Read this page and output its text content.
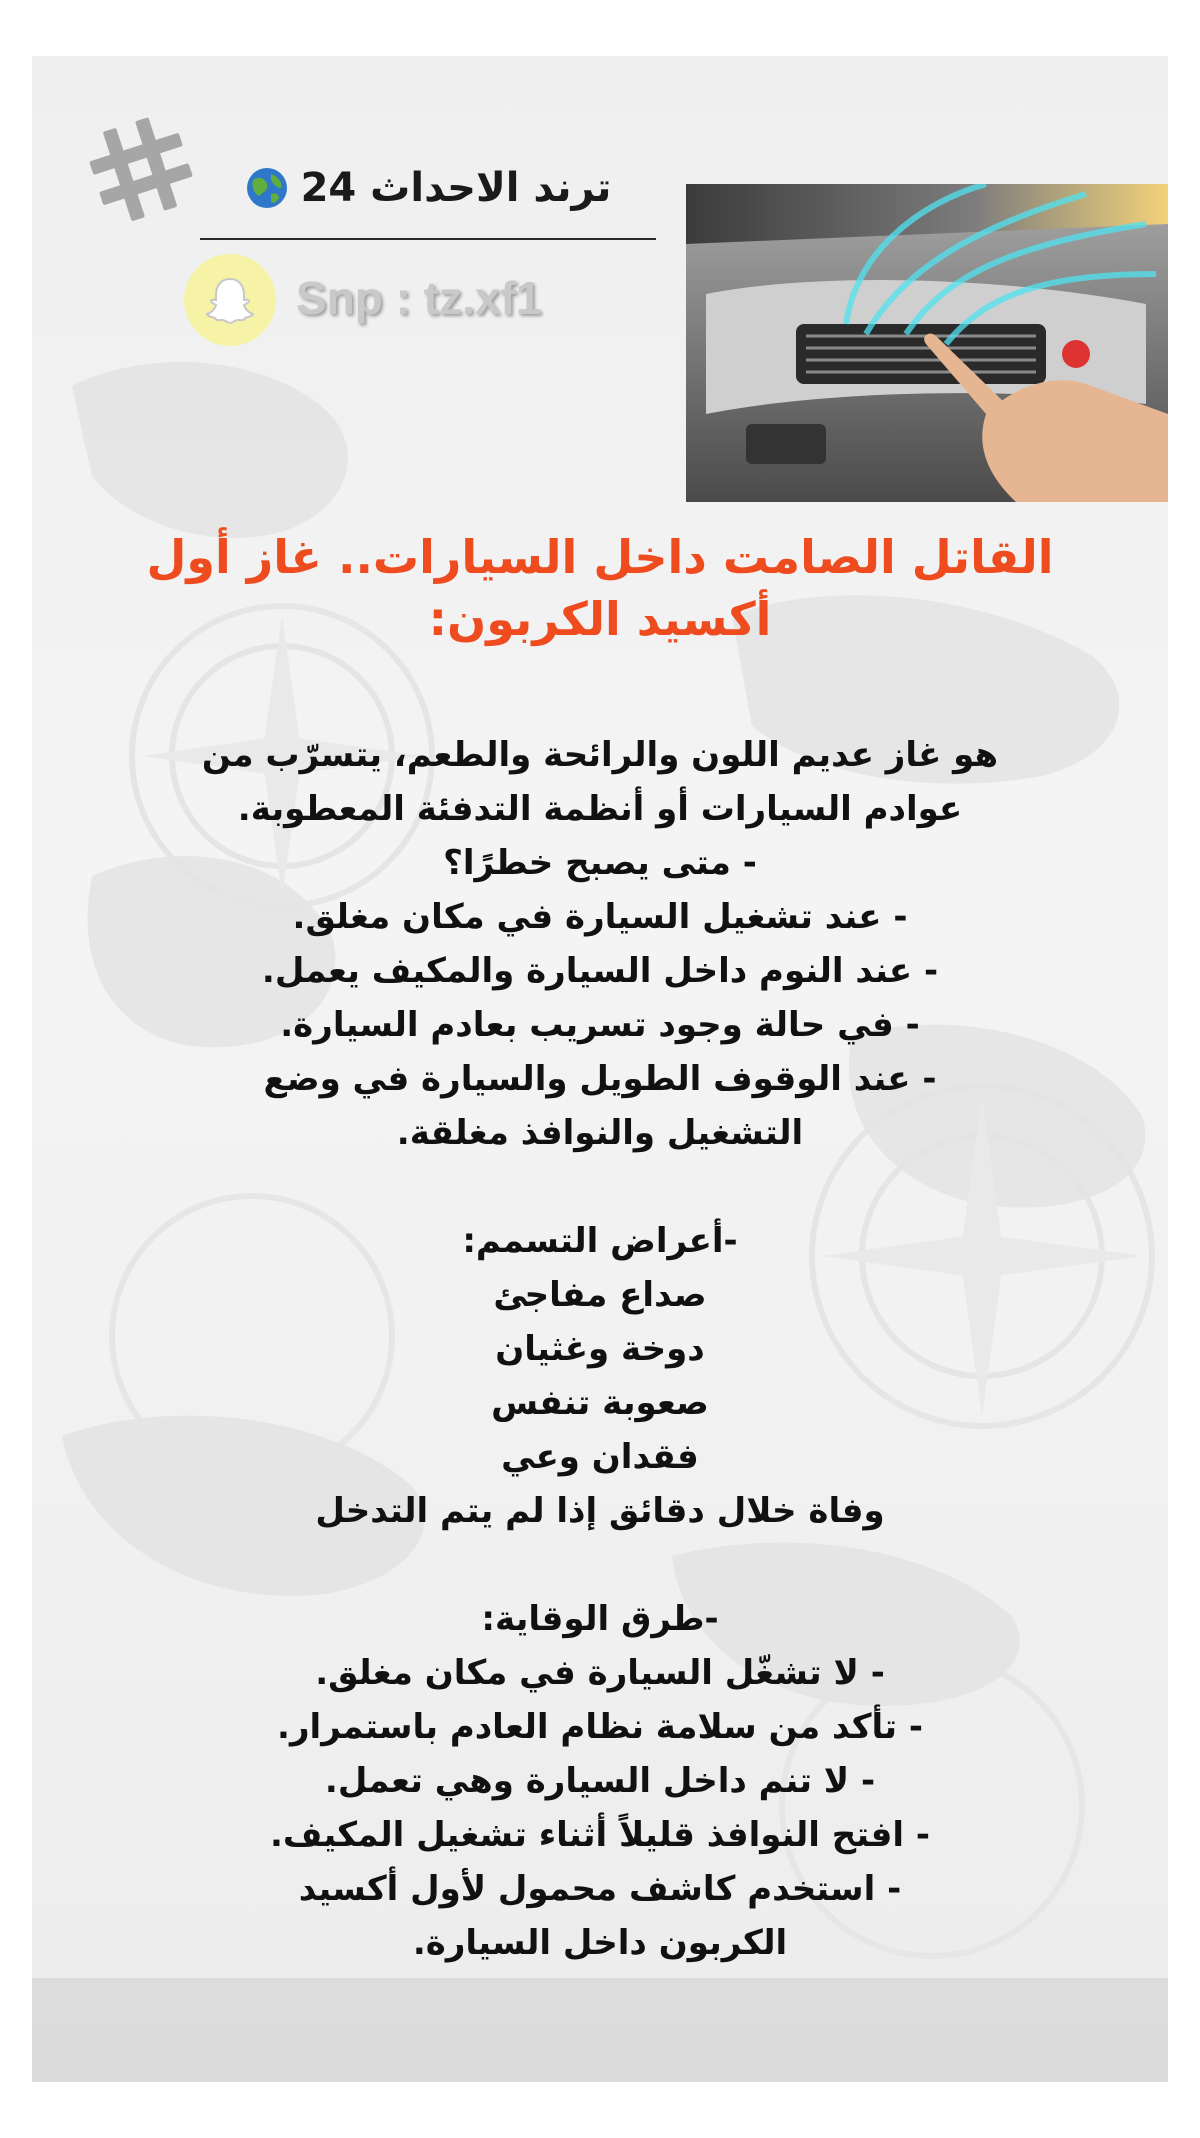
ترند الاحداث 24
Snp : tz.xf1
القاتل الصامت داخل السيارات.. غاز أول أكسيد الكربون:
هو غاز عديم اللون والرائحة والطعم، يتسرّب من
عوادم السيارات أو أنظمة التدفئة المعطوبة.
- متى يصبح خطرًا؟
- عند تشغيل السيارة في مكان مغلق.
- عند النوم داخل السيارة والمكيف يعمل.
- في حالة وجود تسريب بعادم السيارة.
- عند الوقوف الطويل والسيارة في وضع
التشغيل والنوافذ مغلقة.
-أعراض التسمم:
صداع مفاجئ
دوخة وغثيان
صعوبة تنفس
فقدان وعي
وفاة خلال دقائق إذا لم يتم التدخل
-طرق الوقاية:
- لا تشغّل السيارة في مكان مغلق.
- تأكد من سلامة نظام العادم باستمرار.
- لا تنم داخل السيارة وهي تعمل.
- افتح النوافذ قليلاً أثناء تشغيل المكيف.
- استخدم كاشف محمول لأول أكسيد
الكربون داخل السيارة.
